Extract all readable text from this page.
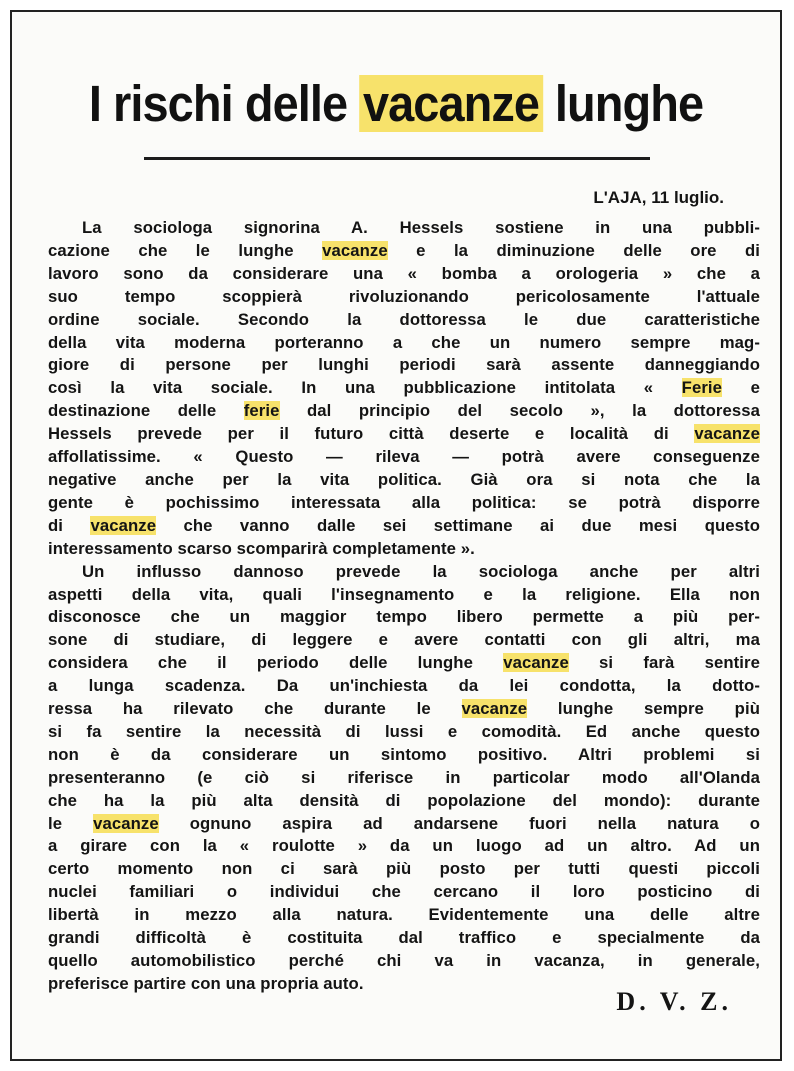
I rischi delle vacanze lunghe
L'AJA, 11 luglio.
La sociologa signorina A. Hessels sostiene in una pubbli-
cazione che le lunghe vacanze e la diminuzione delle ore di
lavoro sono da considerare una « bomba a orologeria » che a
suo tempo scoppierà rivoluzionando pericolosamente l'attuale
ordine sociale. Secondo la dottoressa le due caratteristiche
della vita moderna porteranno a che un numero sempre mag-
giore di persone per lunghi periodi sarà assente danneggiando
così la vita sociale. In una pubblicazione intitolata « Ferie e
destinazione delle ferie dal principio del secolo », la dottoressa
Hessels prevede per il futuro città deserte e località di vacanze
affollatissime. « Questo — rileva — potrà avere conseguenze
negative anche per la vita politica. Già ora si nota che la
gente è pochissimo interessata alla politica: se potrà disporre
di vacanze che vanno dalle sei settimane ai due mesi questo
interessamento scarso scomparirà completamente ».
Un influsso dannoso prevede la sociologa anche per altri
aspetti della vita, quali l'insegnamento e la religione. Ella non
disconosce che un maggior tempo libero permette a più per-
sone di studiare, di leggere e avere contatti con gli altri, ma
considera che il periodo delle lunghe vacanze si farà sentire
a lunga scadenza. Da un'inchiesta da lei condotta, la dotto-
ressa ha rilevato che durante le vacanze lunghe sempre più
si fa sentire la necessità di lussi e comodità. Ed anche questo
non è da considerare un sintomo positivo. Altri problemi si
presenteranno (e ciò si riferisce in particolar modo all'Olanda
che ha la più alta densità di popolazione del mondo): durante
le vacanze ognuno aspira ad andarsene fuori nella natura o
a girare con la « roulotte » da un luogo ad un altro. Ad un
certo momento non ci sarà più posto per tutti questi piccoli
nuclei familiari o individui che cercano il loro posticino di
libertà in mezzo alla natura. Evidentemente una delle altre
grandi difficoltà è costituita dal traffico e specialmente da
quello automobilistico perché chi va in vacanza, in generale,
preferisce partire con una propria auto.
D. V. Z.
